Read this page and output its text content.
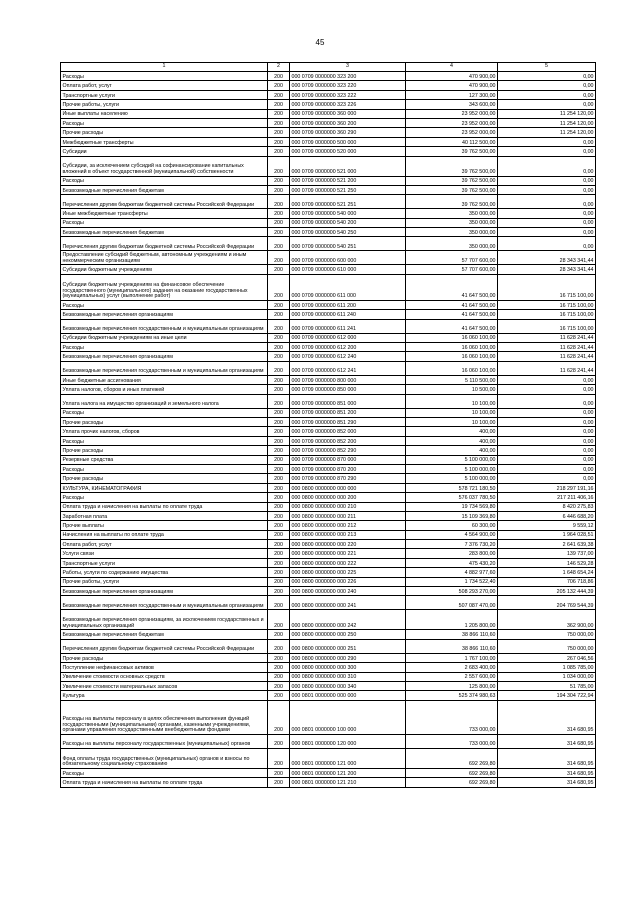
45
1	2	3	4	5
Расходы	200	000 0709 0000000 323 200	470 900,00	0,00
Оплата работ, услуг	200	000 0709 0000000 323 220	470 900,00	0,00
Транспортные услуги	200	000 0709 0000000 323 222	127 300,00	0,00
Прочие работы, услуги	200	000 0709 0000000 323 226	343 600,00	0,00
Иные выплаты населению	200	000 0709 0000000 360 000	23 952 000,00	11 254 120,00
Расходы	200	000 0709 0000000 360 200	23 952 000,00	11 254 120,00
Прочие расходы	200	000 0709 0000000 360 290	23 952 000,00	11 254 120,00
Межбюджетные трансферты	200	000 0709 0000000 500 000	40 112 500,00	0,00
Субсидии	200	000 0709 0000000 520 000	39 762 500,00	0,00
Субсидии, за исключением субсидий на софинансирование капитальных вложений в объект государственной (муниципальной) собственности	200	000 0709 0000000 521 000	39 762 500,00	0,00
Расходы	200	000 0709 0000000 521 200	39 762 500,00	0,00
Безвозмездные перечисления бюджетам	200	000 0709 0000000 521 250	39 762 500,00	0,00
Перечисления другим бюджетам бюджетной системы Российской Федерации	200	000 0709 0000000 521 251	39 762 500,00	0,00
Иные межбюджетные трансферты	200	000 0709 0000000 540 000	350 000,00	0,00
Расходы	200	000 0709 0000000 540 200	350 000,00	0,00
Безвозмездные перечисления бюджетам	200	000 0709 0000000 540 250	350 000,00	0,00
Перечисления другим бюджетам бюджетной системы Российской Федерации	200	000 0709 0000000 540 251	350 000,00	0,00
Предоставление субсидий бюджетным, автономным учреждениям и иным некоммерческим организациям	200	000 0709 0000000 600 000	57 707 600,00	28 343 341,44
Субсидии бюджетным учреждениям	200	000 0709 0000000 610 000	57 707 600,00	28 343 341,44
Субсидии бюджетным учреждениям на финансовое обеспечение государственного (муниципального) задания на оказание государственных (муниципальных) услуг (выполнение работ)	200	000 0709 0000000 611 000	41 647 500,00	16 715 100,00
Расходы	200	000 0709 0000000 611 200	41 647 500,00	16 715 100,00
Безвозмездные перечисления организациям	200	000 0709 0000000 611 240	41 647 500,00	16 715 100,00
Безвозмездные перечисления государственным и муниципальным организациям	200	000 0709 0000000 611 241	41 647 500,00	16 715 100,00
Субсидии бюджетным учреждениям на иные цели	200	000 0709 0000000 612 000	16 060 100,00	11 628 241,44
Расходы	200	000 0709 0000000 612 200	16 060 100,00	11 628 241,44
Безвозмездные перечисления организациям	200	000 0709 0000000 612 240	16 060 100,00	11 628 241,44
Безвозмездные перечисления государственным и муниципальным организациям	200	000 0709 0000000 612 241	16 060 100,00	11 628 241,44
Иные бюджетные ассигнования	200	000 0709 0000000 800 000	5 110 500,00	0,00
Уплата налогов, сборов и иных платежей	200	000 0709 0000000 850 000	10 500,00	0,00
Уплата налога на имущество организаций и земельного налога	200	000 0709 0000000 851 000	10 100,00	0,00
Расходы	200	000 0709 0000000 851 200	10 100,00	0,00
Прочие расходы	200	000 0709 0000000 851 290	10 100,00	0,00
Уплата прочих налогов, сборов	200	000 0709 0000000 852 000	400,00	0,00
Расходы	200	000 0709 0000000 852 200	400,00	0,00
Прочие расходы	200	000 0709 0000000 852 290	400,00	0,00
Резервные средства	200	000 0709 0000000 870 000	5 100 000,00	0,00
Расходы	200	000 0709 0000000 870 200	5 100 000,00	0,00
Прочие расходы	200	000 0709 0000000 870 290	5 100 000,00	0,00
КУЛЬТУРА, КИНЕМАТОГРАФИЯ	200	000 0800 0000000 000 000	578 721 180,50	218 297 191,16
Расходы	200	000 0800 0000000 000 200	576 037 780,50	217 211 406,16
Оплата труда и начисления на выплаты по оплате труда	200	000 0800 0000000 000 210	19 734 569,80	8 420 275,83
Заработная плата	200	000 0800 0000000 000 211	15 109 369,80	6 446 688,20
Прочие выплаты	200	000 0800 0000000 000 212	60 300,00	9 559,12
Начисления на выплаты по оплате труда	200	000 0800 0000000 000 213	4 564 900,00	1 964 028,51
Оплата работ, услуг	200	000 0800 0000000 000 220	7 376 730,20	2 641 639,38
Услуги связи	200	000 0800 0000000 000 221	283 800,00	139 737,00
Транспортные услуги	200	000 0800 0000000 000 222	475 430,20	146 529,28
Работы, услуги по содержанию имущества	200	000 0800 0000000 000 225	4 882 977,60	1 648 654,24
Прочие работы, услуги	200	000 0800 0000000 000 226	1 734 522,40	706 718,86
Безвозмездные перечисления организациям	200	000 0800 0000000 000 240	508 293 270,00	205 132 444,39
Безвозмездные перечисления государственным и муниципальным организациям	200	000 0800 0000000 000 241	507 087 470,00	204 769 544,39
Безвозмездные перечисления организациям, за исключением государственных и муниципальных организаций	200	000 0800 0000000 000 242	1 205 800,00	362 900,00
Безвозмездные перечисления бюджетам	200	000 0800 0000000 000 250	38 866 110,60	750 000,00
Перечисления другим бюджетам бюджетной системы Российской Федерации	200	000 0800 0000000 000 251	38 866 110,60	750 000,00
Прочие расходы	200	000 0800 0000000 000 290	1 767 100,00	267 046,56
Поступление нефинансовых активов	200	000 0800 0000000 000 300	2 683 400,00	1 085 785,00
Увеличение стоимости основных средств	200	000 0800 0000000 000 310	2 557 600,00	1 034 000,00
Увеличение стоимости материальных запасов	200	000 0800 0000000 000 340	125 800,00	51 785,00
Культура	200	000 0801 0000000 000 000	525 374 980,63	194 304 722,94
Расходы на выплаты персоналу в целях обеспечения выполнения функций государственными (муниципальными) органами, казенными учреждениями, органами управления государственными внебюджетными фондами	200	000 0801 0000000 100 000	733 000,00	314 680,95
Расходы на выплаты персоналу государственных (муниципальных) органов	200	000 0801 0000000 120 000	733 000,00	314 680,95
Фонд оплаты труда государственных (муниципальных) органов и взносы по обязательному социальному страхованию	200	000 0801 0000000 121 000	692 269,80	314 680,95
Расходы	200	000 0801 0000000 121 200	692 269,80	314 680,95
Оплата труда и начисления на выплаты по оплате труда	200	000 0801 0000000 121 210	692 269,80	314 680,95
